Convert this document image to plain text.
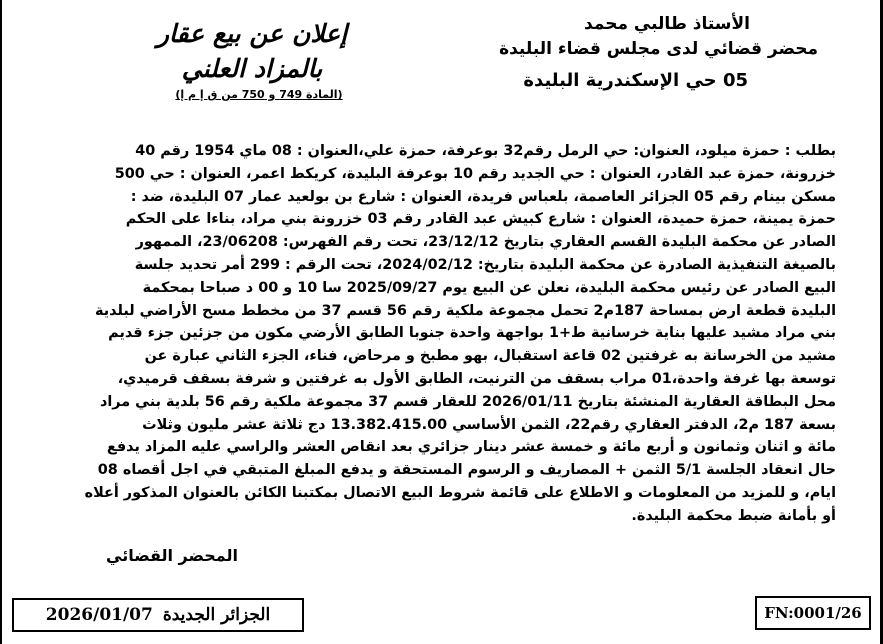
الأستاذ طالبي محمد
محضر قضائي لدى مجلس قضاء البليدة
05 حي الإسكندرية البليدة
إعلان عن بيع عقار
بالمزاد العلني
(المادة 749 و 750 من ق إ م إ)
بطلب : حمزة ميلود، العنوان: حي الرمل رقم32 بوعرفة، حمزة علي،العنوان : 08 ماي 1954 رقم 40
خزرونة، حمزة عبد القادر، العنوان : حي الجديد رقم 10 بوعرفة البليدة، كريكط اعمر، العنوان : حي 500
مسكن بينام رقم 05 الجزائر العاصمة، بلعباس فريدة، العنوان : شارع بن بولعيد عمار 07 البليدة، ضد :
حمزة يمينة، حمزة حميدة، العنوان : شارع كبيش عبد القادر رقم 03 خزرونة بني مراد، بناءا على الحكم
الصادر عن محكمة البليدة القسم العقاري بتاريخ 23/12/12، تحت رقم الفهرس: 23/06208، الممهور
بالصيغة التنفيذية الصادرة عن محكمة البليدة بتاريخ: 2024/02/12، تحت الرقم : 299 أمر تحديد جلسة
البيع الصادر عن رئيس محكمة البليدة، نعلن عن البيع يوم 2025/09/27 سا 10 و 00 د صباحا بمحكمة
البليدة قطعة ارض بمساحة 187م2 تحمل مجموعة ملكية رقم 56 قسم 37 من مخطط مسح الأراضي لبلدية
بني مراد مشيد عليها بناية خرسانية ط+1 بواجهة واحدة جنوبا الطابق الأرضي مكون من جزئين جزء قديم
مشيد من الخرسانة به غرفتين 02 قاعة استقبال، بهو مطبخ و مرحاض، فناء، الجزء الثاني عبارة عن
توسعة بها غرفة واحدة،01 مراب بسقف من الترنيت، الطابق الأول به غرفتين و شرفة بسقف قرميدي،
محل البطاقة العقارية المنشئة بتاريخ 2026/01/11 للعقار قسم 37 مجموعة ملكية رقم 56 بلدية بني مراد
بسعة 187 م2، الدفتر العقاري رقم22، الثمن الأساسي 13.382.415.00 دج ثلاثة عشر مليون وثلاث
مائة و اثنان وثمانون و أربع مائة و خمسة عشر دينار جزائري بعد انقاص العشر والراسي عليه المزاد يدفع
حال انعقاد الجلسة 5/1 الثمن + المصاريف و الرسوم المستحقة و يدفع المبلغ المتبقي في اجل أقصاه 08
ايام، و للمزيد من المعلومات و الاطلاع على قائمة شروط البيع الاتصال بمكتبنا الكائن بالعنوان المذكور أعلاه
أو بأمانة ضبط محكمة البليدة.
المحضر القضائي
الجزائر الجديدة
2026/01/07	FN:0001/26
